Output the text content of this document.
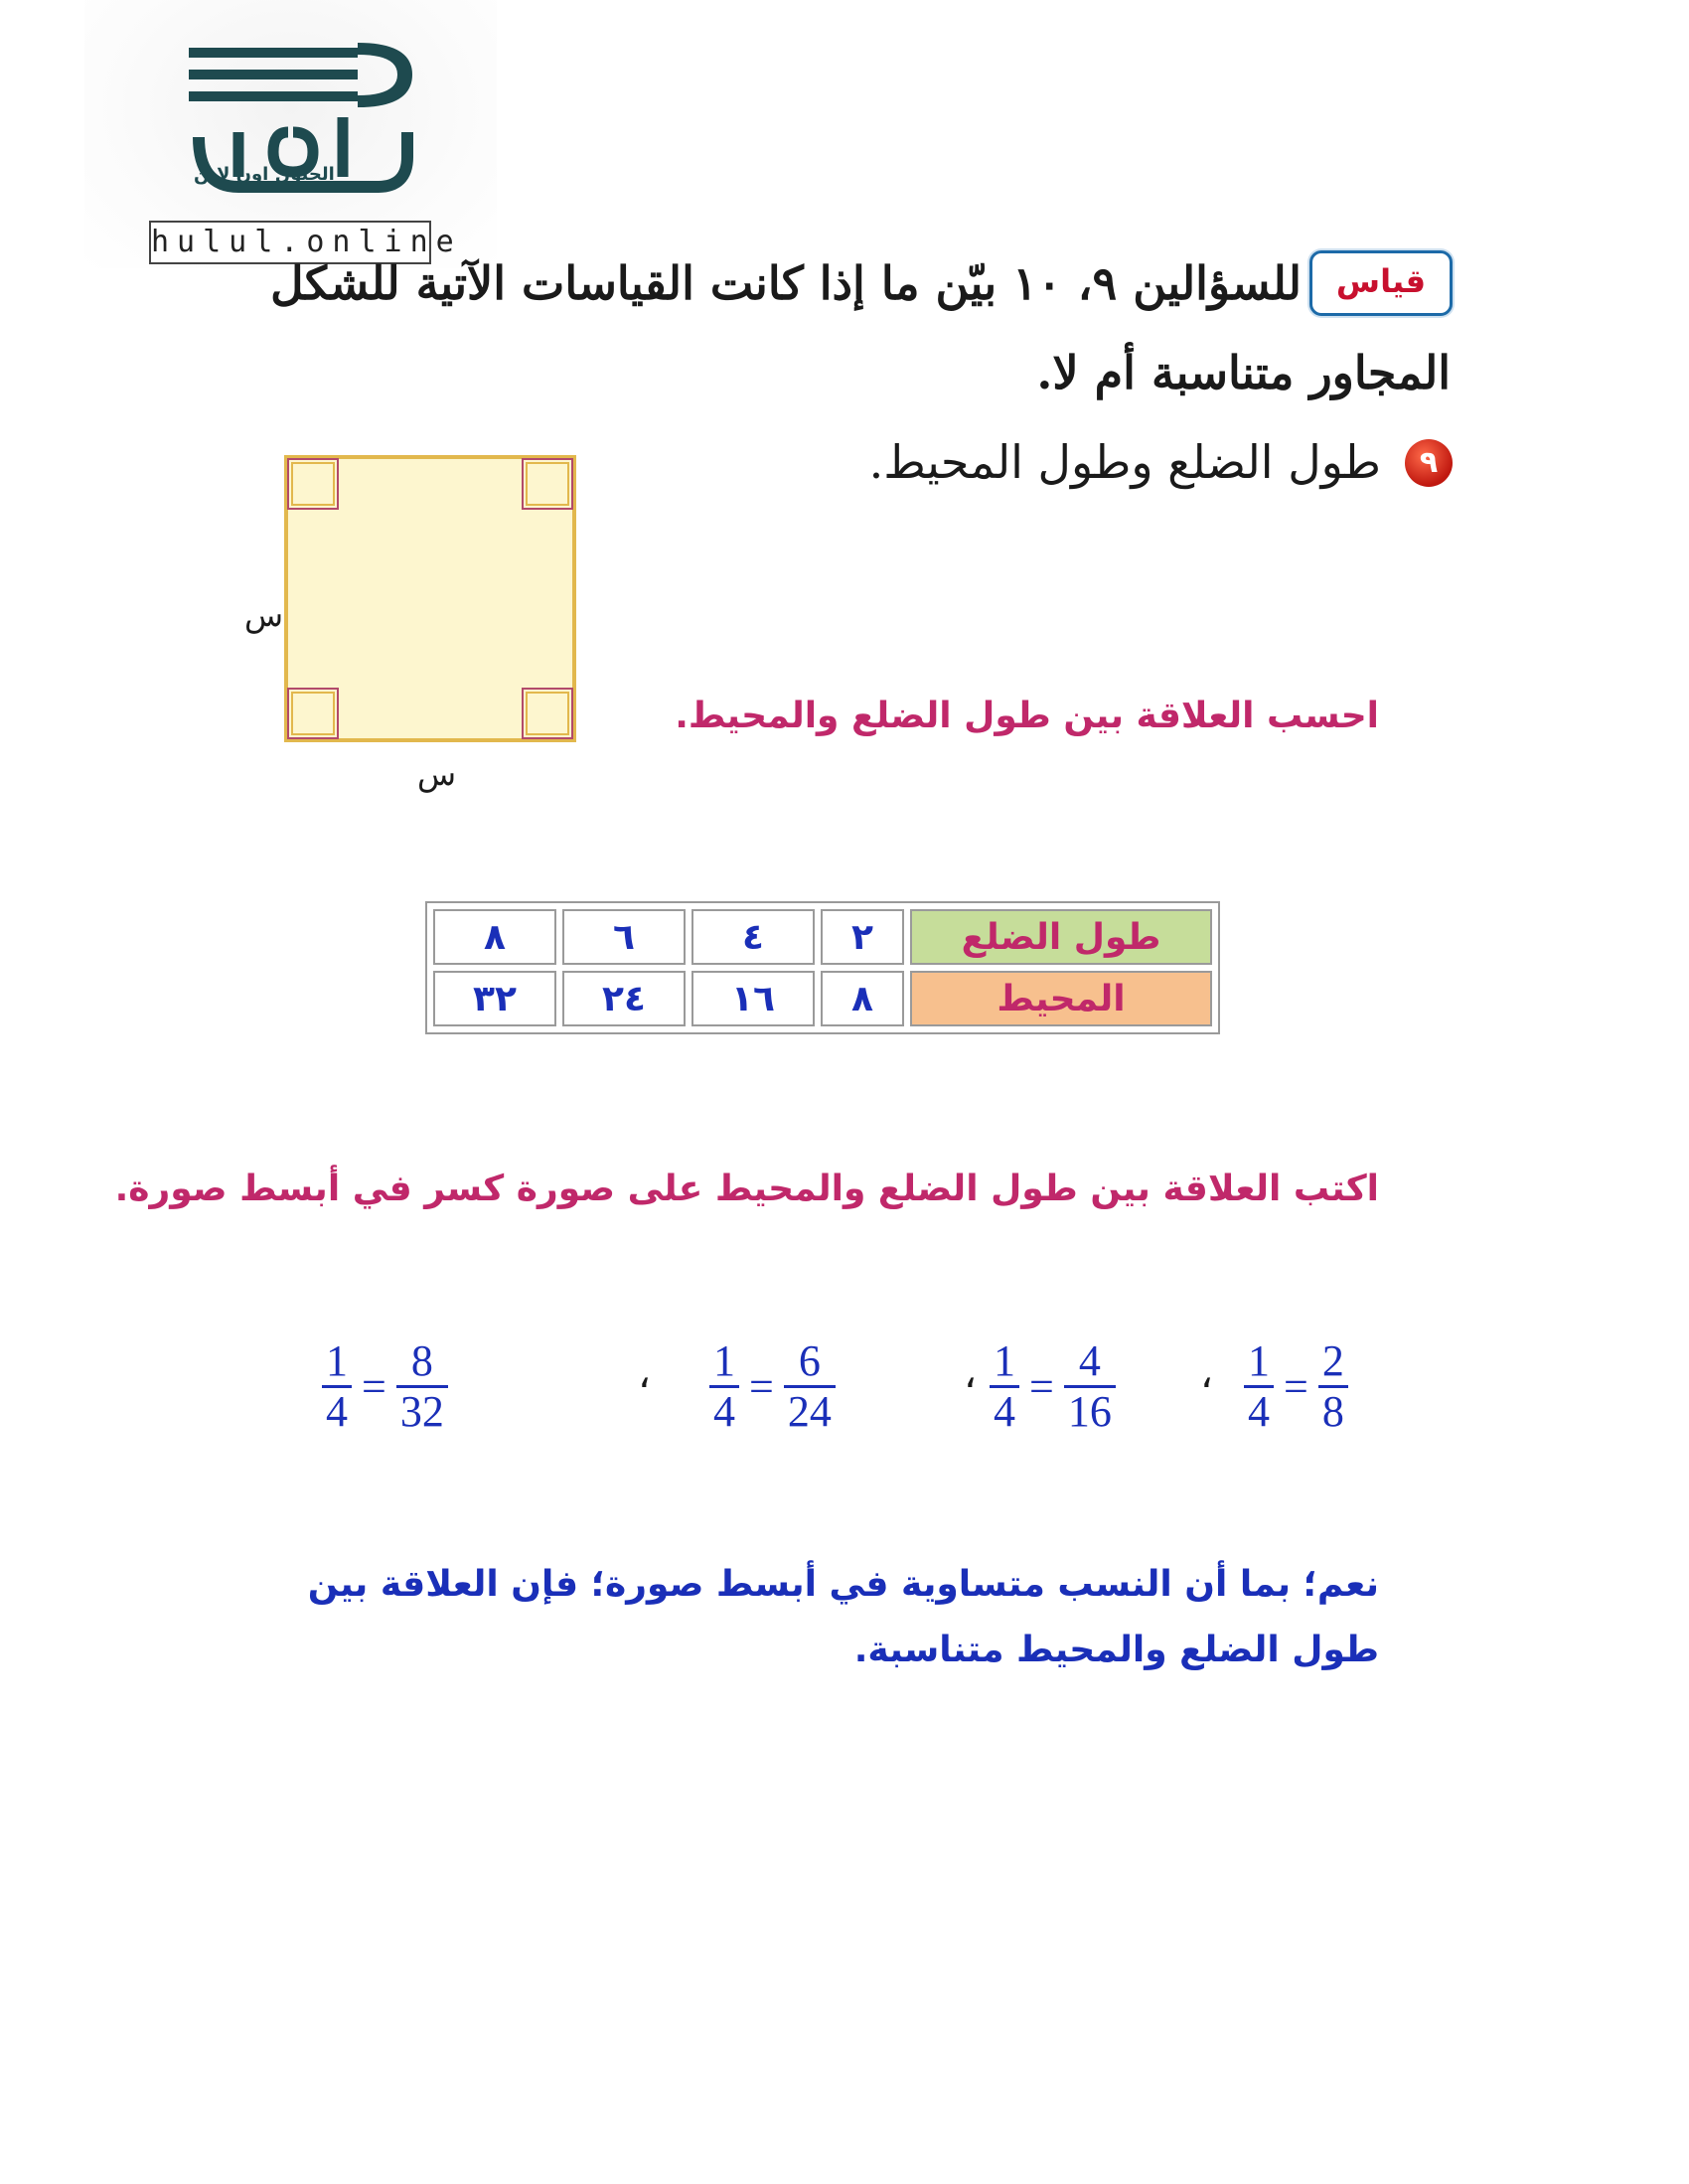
الحلول اون لاين
hulul.online
قياس
للسؤالين ٩، ١٠ بيّن ما إذا كانت القياسات الآتية للشكل
المجاور متناسبة أم لا.
٩
طول الضلع وطول المحيط.
س
س
احسب العلاقة بين طول الضلع والمحيط.
٨	٦	٤	٢	طول الضلع
٣٢	٢٤	١٦	٨	المحيط
اكتب العلاقة بين طول الضلع والمحيط على صورة كسر في أبسط صورة.
$\frac{1}{4} = \frac{8}{32}$	، $\frac{1}{4} = \frac{6}{24}$	، $\frac{1}{4} = \frac{4}{16}$ ، $\frac{1}{4} = \frac{2}{8}$
نعم؛ بما أن النسب متساوية في أبسط صورة؛ فإن العلاقة بين طول الضلع والمحيط متناسبة.
